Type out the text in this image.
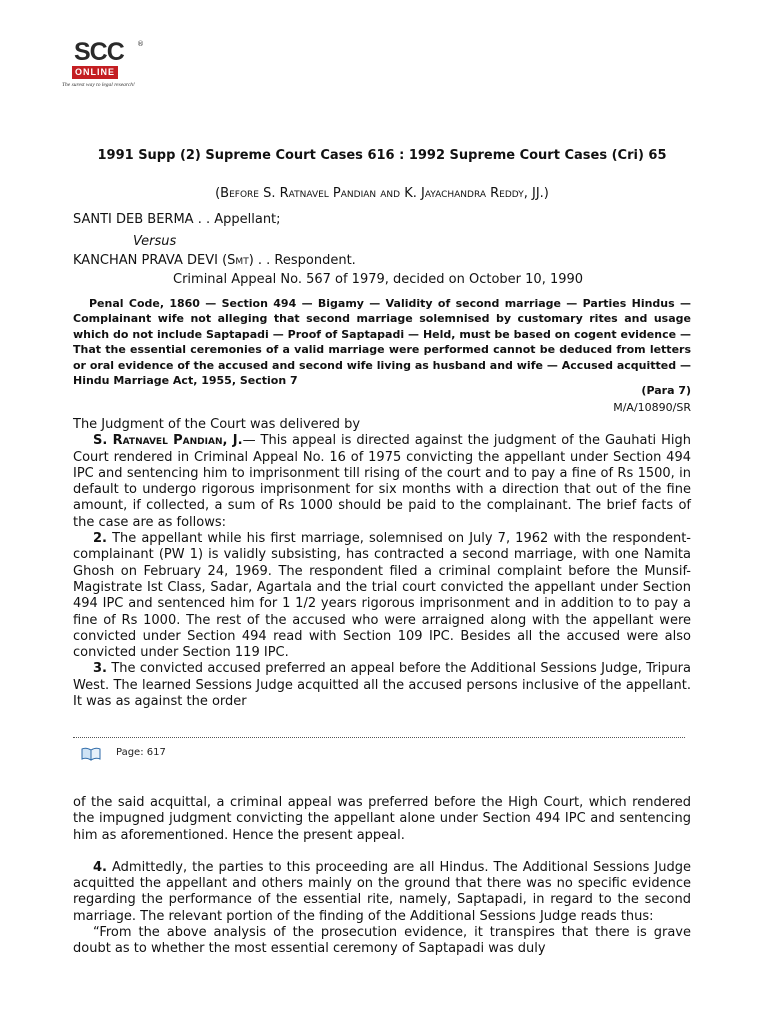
SCC ®
ONLINE
The surest way to legal research!
1991 Supp (2) Supreme Court Cases 616 : 1992 Supreme Court Cases (Cri) 65
(Before S. Ratnavel Pandian and K. Jayachandra Reddy, JJ.)
SANTI DEB BERMA . . Appellant;
Versus
KANCHAN PRAVA DEVI (Smt) . . Respondent.
Criminal Appeal No. 567 of 1979, decided on October 10, 1990
Penal Code, 1860 — Section 494 — Bigamy — Validity of second marriage — Parties Hindus — Complainant wife not alleging that second marriage solemnised by customary rites and usage which do not include Saptapadi — Proof of Saptapadi — Held, must be based on cogent evidence — That the essential ceremonies of a valid marriage were performed cannot be deduced from letters or oral evidence of the accused and second wife living as husband and wife — Accused acquitted — Hindu Marriage Act, 1955, Section 7
(Para 7)
M/A/10890/SR

The Judgment of the Court was delivered by

S. Ratnavel Pandian, J.— This appeal is directed against the judgment of the Gauhati High Court rendered in Criminal Appeal No. 16 of 1975 convicting the appellant under Section 494 IPC and sentencing him to imprisonment till rising of the court and to pay a fine of Rs 1500, in default to undergo rigorous imprisonment for six months with a direction that out of the fine amount, if collected, a sum of Rs 1000 should be paid to the complainant. The brief facts of the case are as follows:

2. The appellant while his first marriage, solemnised on July 7, 1962 with the respondent-complainant (PW 1) is validly subsisting, has contracted a second marriage, with one Namita Ghosh on February 24, 1969. The respondent filed a criminal complaint before the Munsif-Magistrate Ist Class, Sadar, Agartala and the trial court convicted the appellant under Section 494 IPC and sentenced him for 1 1/2 years rigorous imprisonment and in addition to to pay a fine of Rs 1000. The rest of the accused who were arraigned along with the appellant were convicted under Section 494 read with Section 109 IPC. Besides all the accused were also convicted under Section 119 IPC.

3. The convicted accused preferred an appeal before the Additional Sessions Judge, Tripura West. The learned Sessions Judge acquitted all the accused persons inclusive of the appellant. It was as against the order

Page: 617

of the said acquittal, a criminal appeal was preferred before the High Court, which rendered the impugned judgment convicting the appellant alone under Section 494 IPC and sentencing him as aforementioned. Hence the present appeal.

4. Admittedly, the parties to this proceeding are all Hindus. The Additional Sessions Judge acquitted the appellant and others mainly on the ground that there was no specific evidence regarding the performance of the essential rite, namely, Saptapadi, in regard to the second marriage. The relevant portion of the finding of the Additional Sessions Judge reads thus:

“From the above analysis of the prosecution evidence, it transpires that there is grave doubt as to whether the most essential ceremony of Saptapadi was duly
